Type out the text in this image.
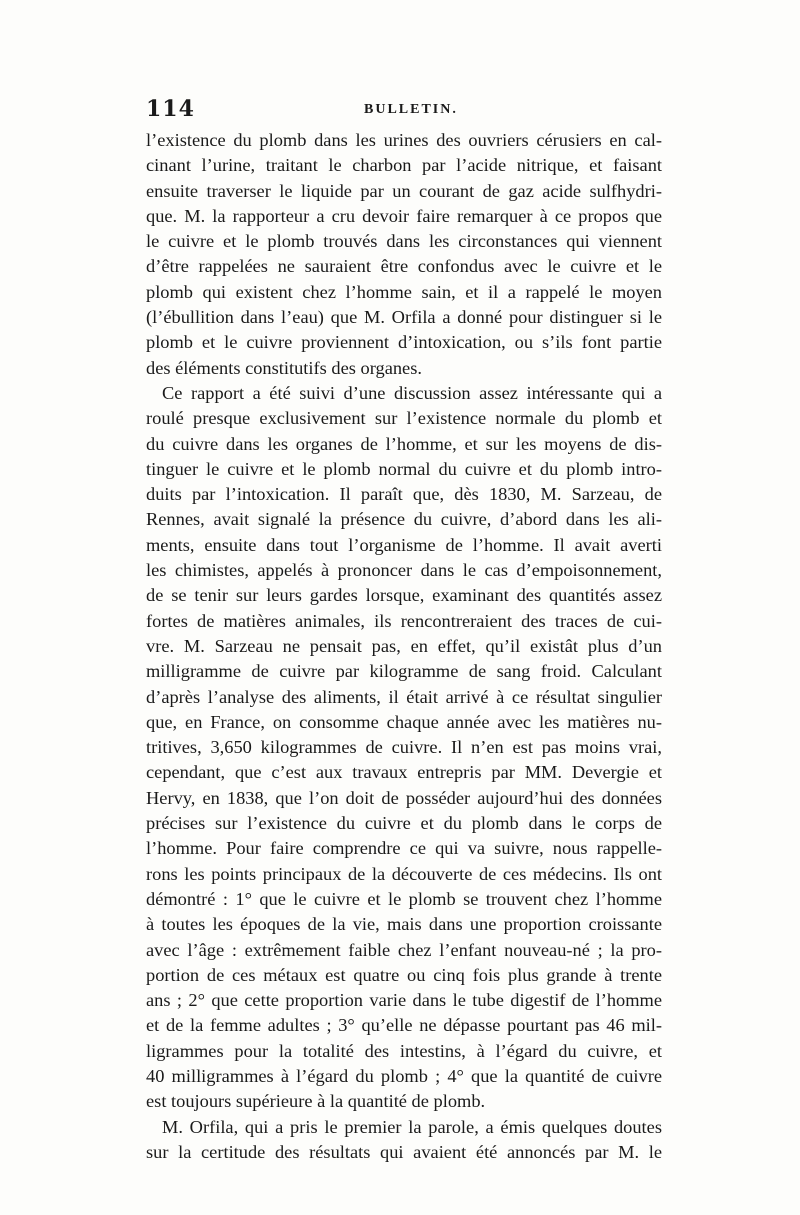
114	BULLETIN.
l’existence du plomb dans les urines des ouvriers cérusiers en cal-
cinant l’urine, traitant le charbon par l’acide nitrique, et faisant
ensuite traverser le liquide par un courant de gaz acide sulfhydri-
que. M. la rapporteur a cru devoir faire remarquer à ce propos que
le cuivre et le plomb trouvés dans les circonstances qui viennent
d’être rappelées ne sauraient être confondus avec le cuivre et le
plomb qui existent chez l’homme sain, et il a rappelé le moyen
(l’ébullition dans l’eau) que M. Orfila a donné pour distinguer si le
plomb et le cuivre proviennent d’intoxication, ou s’ils font partie
des éléments constitutifs des organes.
Ce rapport a été suivi d’une discussion assez intéressante qui a
roulé presque exclusivement sur l’existence normale du plomb et
du cuivre dans les organes de l’homme, et sur les moyens de dis-
tinguer le cuivre et le plomb normal du cuivre et du plomb intro-
duits par l’intoxication. Il paraît que, dès 1830, M. Sarzeau, de
Rennes, avait signalé la présence du cuivre, d’abord dans les ali-
ments, ensuite dans tout l’organisme de l’homme. Il avait averti
les chimistes, appelés à prononcer dans le cas d’empoisonnement,
de se tenir sur leurs gardes lorsque, examinant des quantités assez
fortes de matières animales, ils rencontreraient des traces de cui-
vre. M. Sarzeau ne pensait pas, en effet, qu’il existât plus d’un
milligramme de cuivre par kilogramme de sang froid. Calculant
d’après l’analyse des aliments, il était arrivé à ce résultat singulier
que, en France, on consomme chaque année avec les matières nu-
tritives, 3,650 kilogrammes de cuivre. Il n’en est pas moins vrai,
cependant, que c’est aux travaux entrepris par MM. Devergie et
Hervy, en 1838, que l’on doit de posséder aujourd’hui des données
précises sur l’existence du cuivre et du plomb dans le corps de
l’homme. Pour faire comprendre ce qui va suivre, nous rappelle-
rons les points principaux de la découverte de ces médecins. Ils ont
démontré : 1° que le cuivre et le plomb se trouvent chez l’homme
à toutes les époques de la vie, mais dans une proportion croissante
avec l’âge : extrêmement faible chez l’enfant nouveau-né ; la pro-
portion de ces métaux est quatre ou cinq fois plus grande à trente
ans ; 2° que cette proportion varie dans le tube digestif de l’homme
et de la femme adultes ; 3° qu’elle ne dépasse pourtant pas 46 mil-
ligrammes pour la totalité des intestins, à l’égard du cuivre, et
40 milligrammes à l’égard du plomb ; 4° que la quantité de cuivre
est toujours supérieure à la quantité de plomb.
M. Orfila, qui a pris le premier la parole, a émis quelques doutes
sur la certitude des résultats qui avaient été annoncés par M. le
